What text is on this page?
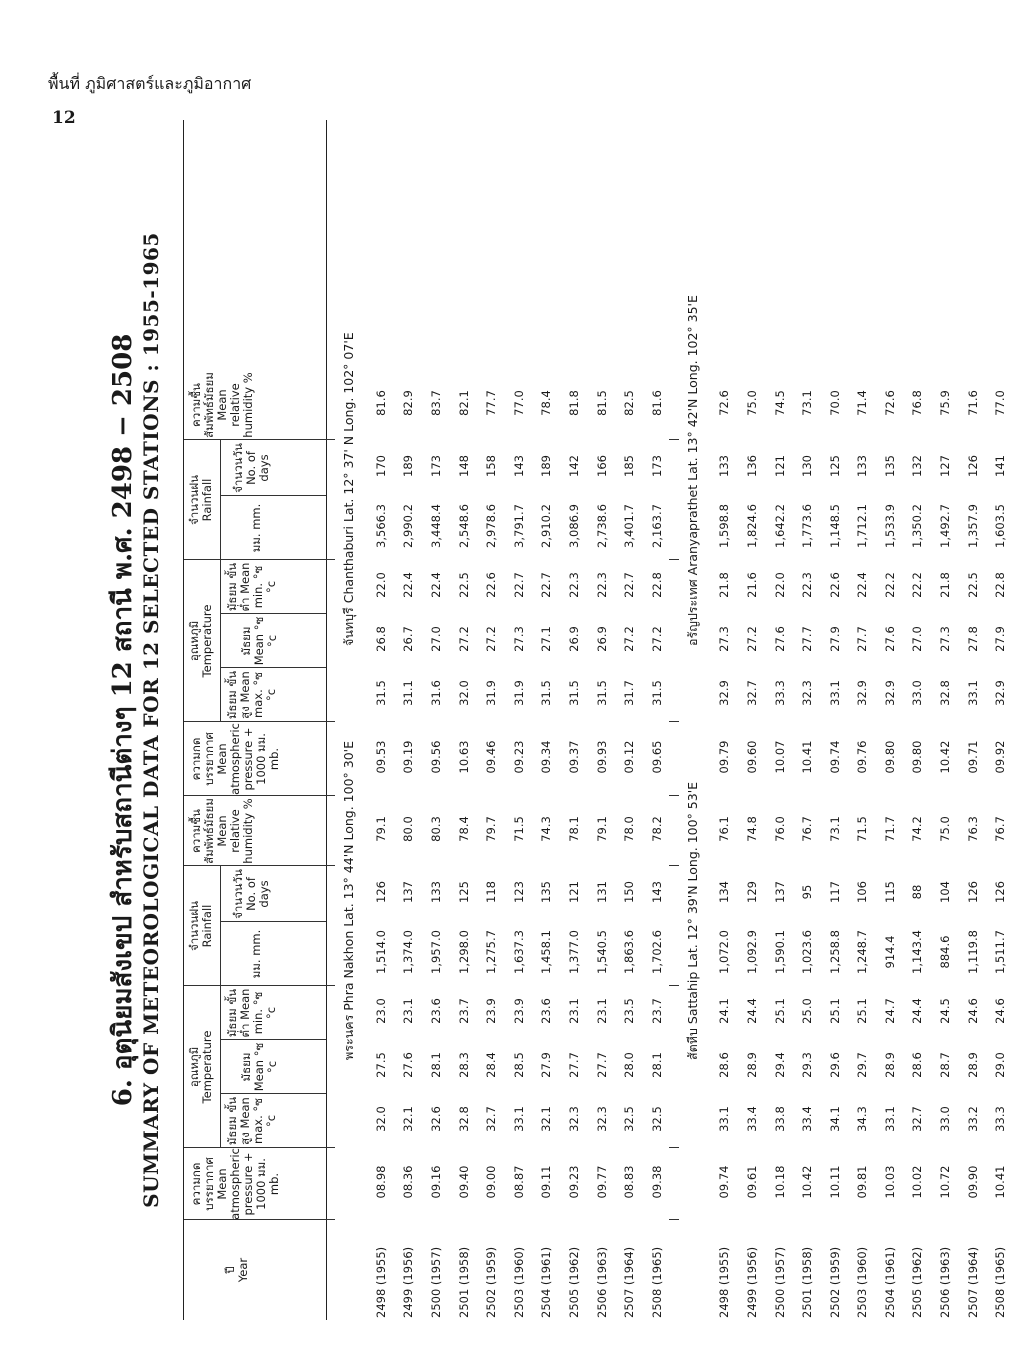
พื้นที่ ภูมิศาสตร์และภูมิอากาศ
12
6. อุตุนิยมสังเขป สำหรับสถานีต่างๆ 12 สถานี พ.ศ. 2498 − 2508 SUMMARY OF METEOROLOGICAL DATA FOR 12 SELECTED STATIONS : 1955-1965
ปี
Year
ความกดบรรยากาศ Mean atmospheric pressure + 1000 มม. mb.
อุณหภูมิ
Temperature
มัธยม ขั้นสูง Mean max. °ซ °c
มัธยม Mean °ซ °c
มัธยม ขั้นต่ำ Mean min. °ซ °c
จำนวนฝน
Rainfall
มม. mm.
จำนวนวัน No. of days
ความชื้น สัมพัทธ์มัธยม Mean relative humidity %
ความกดบรรยากาศ Mean atmospheric pressure + 1000 มม. mb.
อุณหภูมิ
Temperature
มัธยม ขั้นสูง Mean max. °ซ °c
มัธยม Mean °ซ °c
มัธยม ขั้นต่ำ Mean min. °ซ °c
จำนวนฝน
Rainfall
มม. mm.
จำนวนวัน No. of days
ความชื้น สัมพัทธ์มัธยม Mean relative humidity %
พระนคร Phra Nakhon Lat. 13° 44'N Long. 100° 30'E
จันทบุรี Chanthaburi Lat. 12° 37' N Long. 102° 07'E
2498 (1955)
08.98
32.0
27.5
23.0
1,514.0
126
79.1
09.53
31.5
26.8
22.0
3,566.3
170
81.6
2499 (1956)
08.36
32.1
27.6
23.1
1,374.0
137
80.0
09.19
31.1
26.7
22.4
2,990.2
189
82.9
2500 (1957)
09.16
32.6
28.1
23.6
1,957.0
133
80.3
09.56
31.6
27.0
22.4
3,448.4
173
83.7
2501 (1958)
09.40
32.8
28.3
23.7
1,298.0
125
78.4
10.63
32.0
27.2
22.5
2,548.6
148
82.1
2502 (1959)
09.00
32.7
28.4
23.9
1,275.7
118
79.7
09.46
31.9
27.2
22.6
2,978.6
158
77.7
2503 (1960)
08.87
33.1
28.5
23.9
1,637.3
123
71.5
09.23
31.9
27.3
22.7
3,791.7
143
77.0
2504 (1961)
09.11
32.1
27.9
23.6
1,458.1
135
74.3
09.34
31.5
27.1
22.7
2,910.2
189
78.4
2505 (1962)
09.23
32.3
27.7
23.1
1,377.0
121
78.1
09.37
31.5
26.9
22.3
3,086.9
142
81.8
2506 (1963)
09.77
32.3
27.7
23.1
1,540.5
131
79.1
09.93
31.5
26.9
22.3
2,738.6
166
81.5
2507 (1964)
08.83
32.5
28.0
23.5
1,863.6
150
78.0
09.12
31.7
27.2
22.7
3,401.7
185
82.5
2508 (1965)
09.38
32.5
28.1
23.7
1,702.6
143
78.2
09.65
31.5
27.2
22.8
2,163.7
173
81.6
สัตหีบ Sattahip Lat. 12° 39'N Long. 100° 53'E
อรัญประเทศ Aranyaprathet Lat. 13° 42'N Long. 102° 35'E
2498 (1955)
09.74
33.1
28.6
24.1
1,072.0
134
76.1
09.79
32.9
27.3
21.8
1,598.8
133
72.6
2499 (1956)
09.61
33.4
28.9
24.4
1,092.9
129
74.8
09.60
32.7
27.2
21.6
1,824.6
136
75.0
2500 (1957)
10.18
33.8
29.4
25.1
1,590.1
137
76.0
10.07
33.3
27.6
22.0
1,642.2
121
74.5
2501 (1958)
10.42
33.4
29.3
25.0
1,023.6
95
76.7
10.41
32.3
27.7
22.3
1,773.6
130
73.1
2502 (1959)
10.11
34.1
29.6
25.1
1,258.8
117
73.1
09.74
33.1
27.9
22.6
1,148.5
125
70.0
2503 (1960)
09.81
34.3
29.7
25.1
1,248.7
106
71.5
09.76
32.9
27.7
22.4
1,712.1
133
71.4
2504 (1961)
10.03
33.1
28.9
24.7
914.4
115
71.7
09.80
32.9
27.6
22.2
1,533.9
135
72.6
2505 (1962)
10.02
32.7
28.6
24.4
1,143.4
88
74.2
09.80
33.0
27.0
22.2
1,350.2
132
76.8
2506 (1963)
10.72
33.0
28.7
24.5
884.6
104
75.0
10.42
32.8
27.3
21.8
1,492.7
127
75.9
2507 (1964)
09.90
33.2
28.9
24.6
1,119.8
126
76.3
09.71
33.1
27.8
22.5
1,357.9
126
71.6
2508 (1965)
10.41
33.3
29.0
24.6
1,511.7
126
76.7
09.92
32.9
27.9
22.8
1,603.5
141
77.0
